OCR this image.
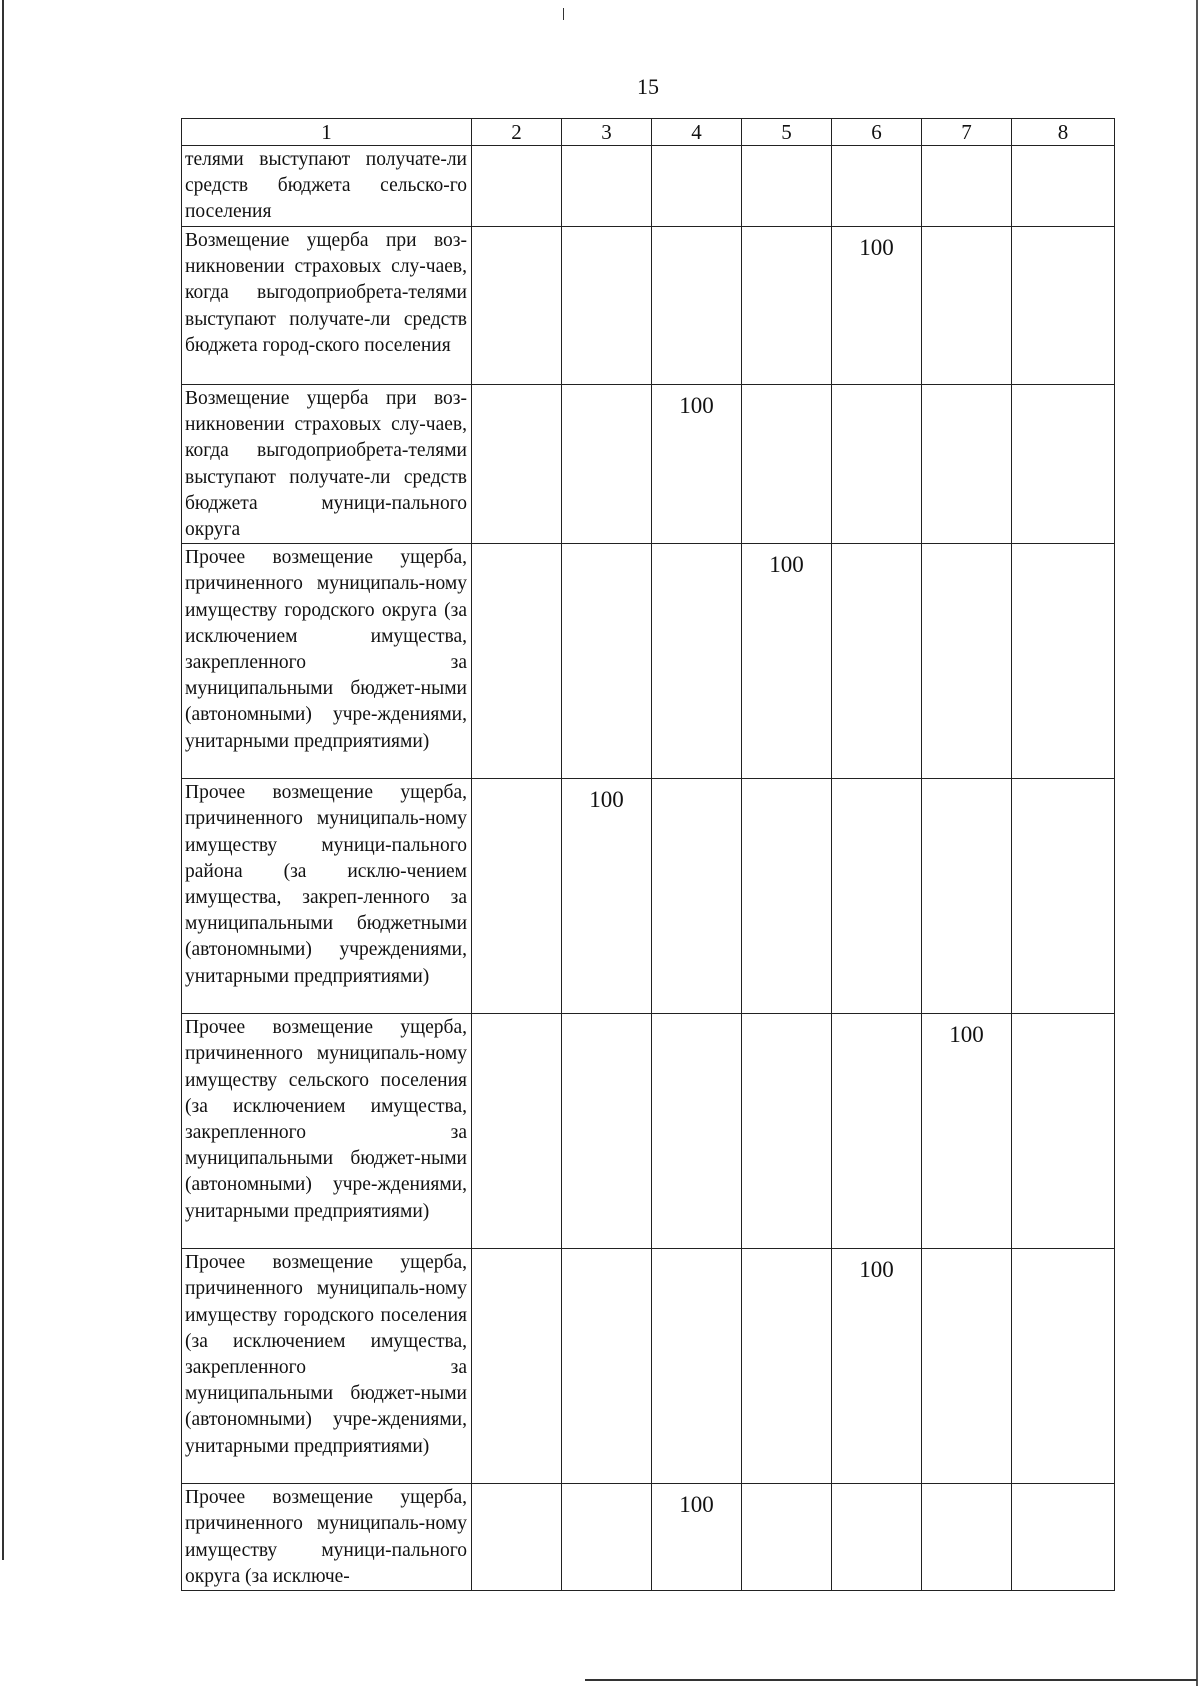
15
1	2	3	4	5	6	7	8
телями выступают получате-ли средств бюджета сельско-го поселения							
Возмещение ущерба при воз-никновении страховых слу-чаев, когда выгодоприобрета-телями выступают получате-ли средств бюджета город-ского поселения					100		
Возмещение ущерба при воз-никновении страховых слу-чаев, когда выгодоприобрета-телями выступают получате-ли средств бюджета муници-пального округа			100				
Прочее возмещение ущерба, причиненного муниципаль-ному имуществу городского округа (за исключением имущества, закрепленного за муниципальными бюджет-ными (автономными) учре-ждениями, унитарными предприятиями)				100			
Прочее возмещение ущерба, причиненного муниципаль-ному имуществу муници-пального района (за исклю-чением имущества, закреп-ленного за муниципальными бюджетными (автономными) учреждениями, унитарными предприятиями)		100					
Прочее возмещение ущерба, причиненного муниципаль-ному имуществу сельского поселения (за исключением имущества, закрепленного за муниципальными бюджет-ными (автономными) учре-ждениями, унитарными предприятиями)						100	
Прочее возмещение ущерба, причиненного муниципаль-ному имуществу городского поселения (за исключением имущества, закрепленного за муниципальными бюджет-ными (автономными) учре-ждениями, унитарными предприятиями)					100		
Прочее возмещение ущерба, причиненного муниципаль-ному имуществу муници-пального округа (за исключе-			100				
